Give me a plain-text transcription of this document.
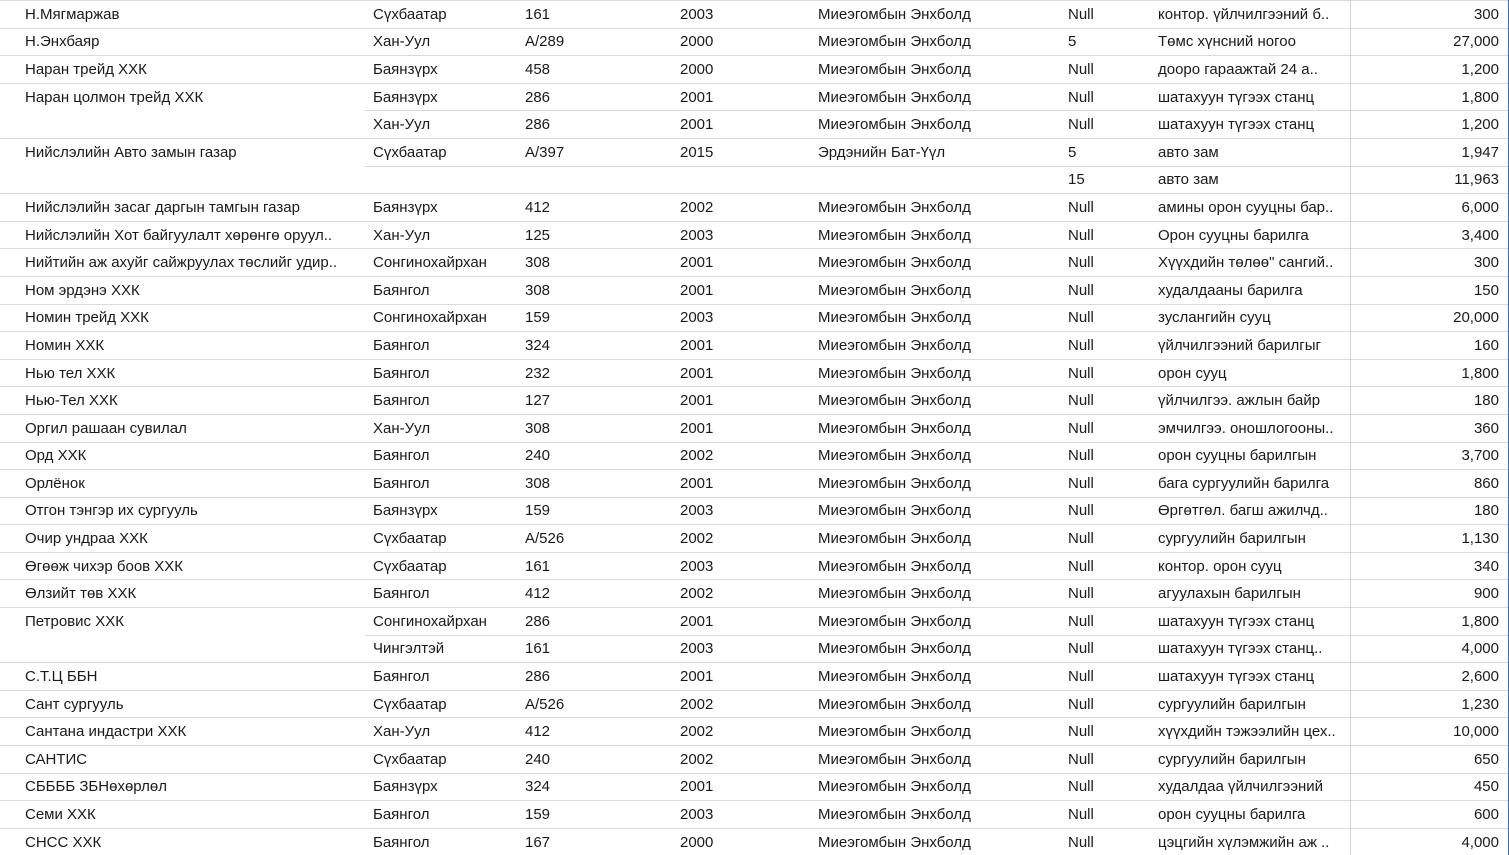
Н.Мягмаржав	Сүхбаатар	161	2003	Миеэгомбын Энхболд	Null	контор. үйлчилгээний б..	300
Н.Энхбаяр	Хан-Уул	А/289	2000	Миеэгомбын Энхболд	5	Төмс хүнсний ногоо	27,000
Наран трейд ХХК	Баянзүрх	458	2000	Миеэгомбын Энхболд	Null	дооро гараажтай 24 а..	1,200
Наран цолмон трейд ХХК	Баянзүрх	286	2001	Миеэгомбын Энхболд	Null	шатахуун түгээх станц	1,800
	Хан-Уул	286	2001	Миеэгомбын Энхболд	Null	шатахуун түгээх станц	1,200
Нийслэлийн Авто замын газар	Сүхбаатар	А/397	2015	Эрдэнийн Бат-Үүл	5	авто зам	1,947
					15	авто зам	11,963
Нийслэлийн засаг даргын тамгын газар	Баянзүрх	412	2002	Миеэгомбын Энхболд	Null	амины орон сууцны бар..	6,000
Нийслэлийн Хот байгуулалт хөрөнгө оруул..	Хан-Уул	125	2003	Миеэгомбын Энхболд	Null	Орон сууцны барилга	3,400
Нийтийн аж ахуйг сайжруулах төслийг удир..	Сонгинохайрхан	308	2001	Миеэгомбын Энхболд	Null	Хүүхдийн төлөө" сангий..	300
Ном эрдэнэ ХХК	Баянгол	308	2001	Миеэгомбын Энхболд	Null	худалдааны барилга	150
Номин трейд ХХК	Сонгинохайрхан	159	2003	Миеэгомбын Энхболд	Null	зуслангийн сууц	20,000
Номин ХХК	Баянгол	324	2001	Миеэгомбын Энхболд	Null	үйлчилгээний барилгыг	160
Нью тел ХХК	Баянгол	232	2001	Миеэгомбын Энхболд	Null	орон сууц	1,800
Нью-Тел ХХК	Баянгол	127	2001	Миеэгомбын Энхболд	Null	үйлчилгээ. ажлын байр	180
Оргил рашаан сувилал	Хан-Уул	308	2001	Миеэгомбын Энхболд	Null	эмчилгээ. оношлогооны..	360
Орд ХХК	Баянгол	240	2002	Миеэгомбын Энхболд	Null	орон сууцны барилгын	3,700
Орлёнок	Баянгол	308	2001	Миеэгомбын Энхболд	Null	бага сургуулийн барилга	860
Отгон тэнгэр их сургууль	Баянзүрх	159	2003	Миеэгомбын Энхболд	Null	Өргөтгөл. багш ажилчд..	180
Очир ундраа ХХК	Сүхбаатар	А/526	2002	Миеэгомбын Энхболд	Null	сургуулийн барилгын	1,130
Өгөөж чихэр боов ХХК	Сүхбаатар	161	2003	Миеэгомбын Энхболд	Null	контор. орон сууц	340
Өлзийт төв ХХК	Баянгол	412	2002	Миеэгомбын Энхболд	Null	агуулахын барилгын	900
Петровис ХХК	Сонгинохайрхан	286	2001	Миеэгомбын Энхболд	Null	шатахуун түгээх станц	1,800
	Чингэлтэй	161	2003	Миеэгомбын Энхболд	Null	шатахуун түгээх станц..	4,000
С.Т.Ц ББН	Баянгол	286	2001	Миеэгомбын Энхболд	Null	шатахуун түгээх станц	2,600
Сант сургууль	Сүхбаатар	А/526	2002	Миеэгомбын Энхболд	Null	сургуулийн барилгын	1,230
Сантана индастри ХХК	Хан-Уул	412	2002	Миеэгомбын Энхболд	Null	хүүхдийн тэжээлийн цех..	10,000
САНТИС	Сүхбаатар	240	2002	Миеэгомбын Энхболд	Null	сургуулийн барилгын	650
СББББ ЗБНөхөрлөл	Баянзүрх	324	2001	Миеэгомбын Энхболд	Null	худалдаа үйлчилгээний	450
Семи ХХК	Баянгол	159	2003	Миеэгомбын Энхболд	Null	орон сууцны барилга	600
СНСС ХХК	Баянгол	167	2000	Миеэгомбын Энхболд	Null	цэцгийн хүлэмжийн аж ..	4,000
